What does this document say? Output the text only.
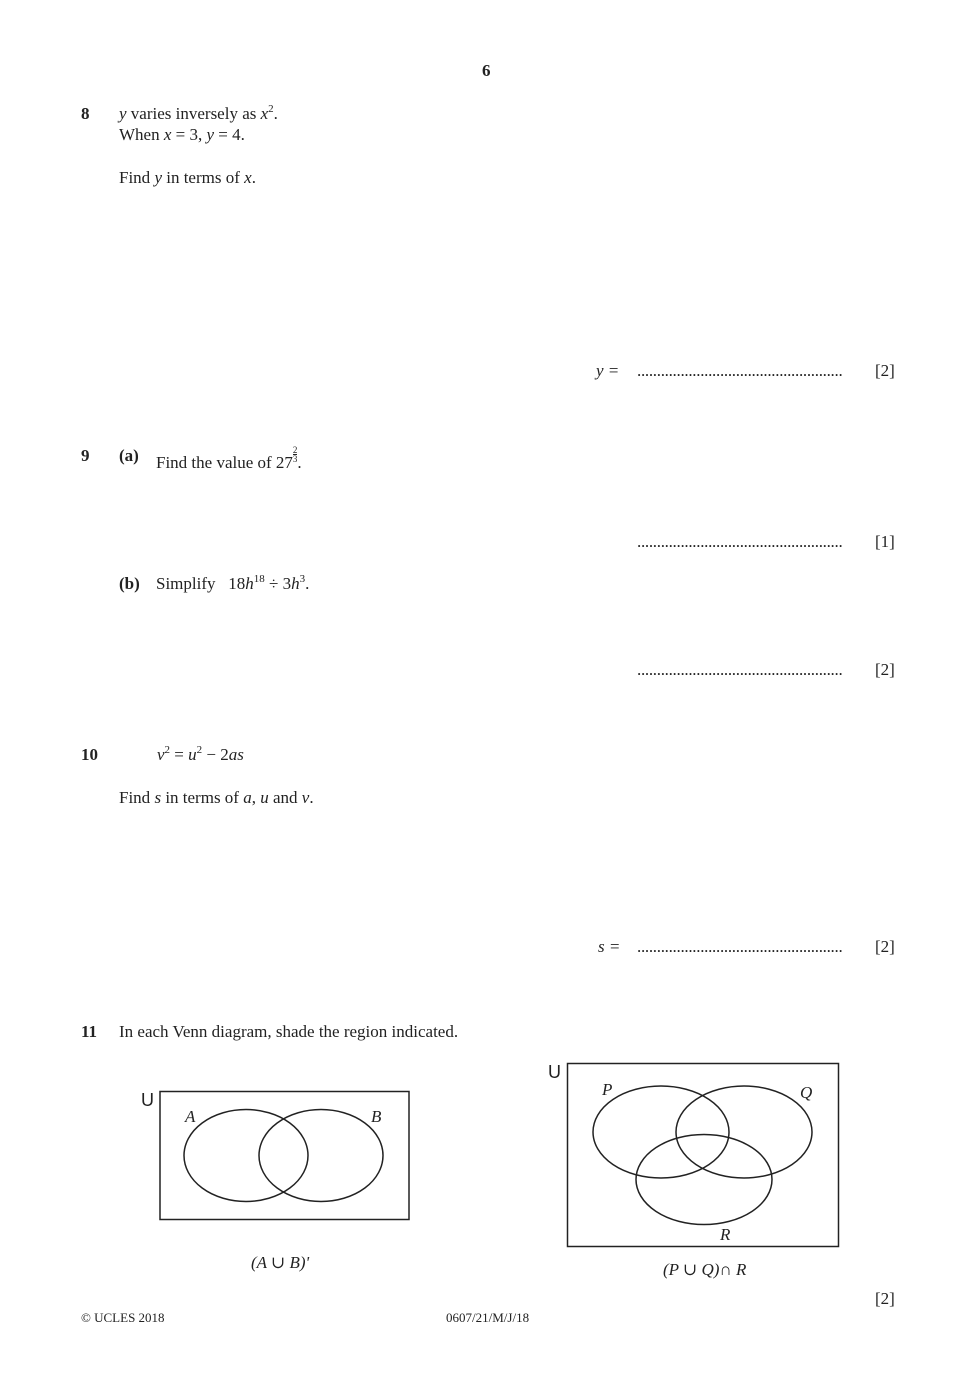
6
8 y varies inversely as $x^2$.
When x = 3, y = 4.
Find y in terms of x.
y = .................................................... [2]
9 (a) Find the value of $27 \frac{2}{3}$ .
.................................................... [1]
(b) Simplify   $18h^{18} \div 3h^3$.
.................................................... [2]
10	$v^2 = u^2 - 2as$
Find s in terms of a, u and v.
s = .................................................... [2]
11 In each Venn diagram, shade the region indicated.
U
A	B
(A ∪ B)'
U
P	Q
R
(P ∪ Q)∩ R
[2]
© UCLES 2018	0607/21/M/J/18
